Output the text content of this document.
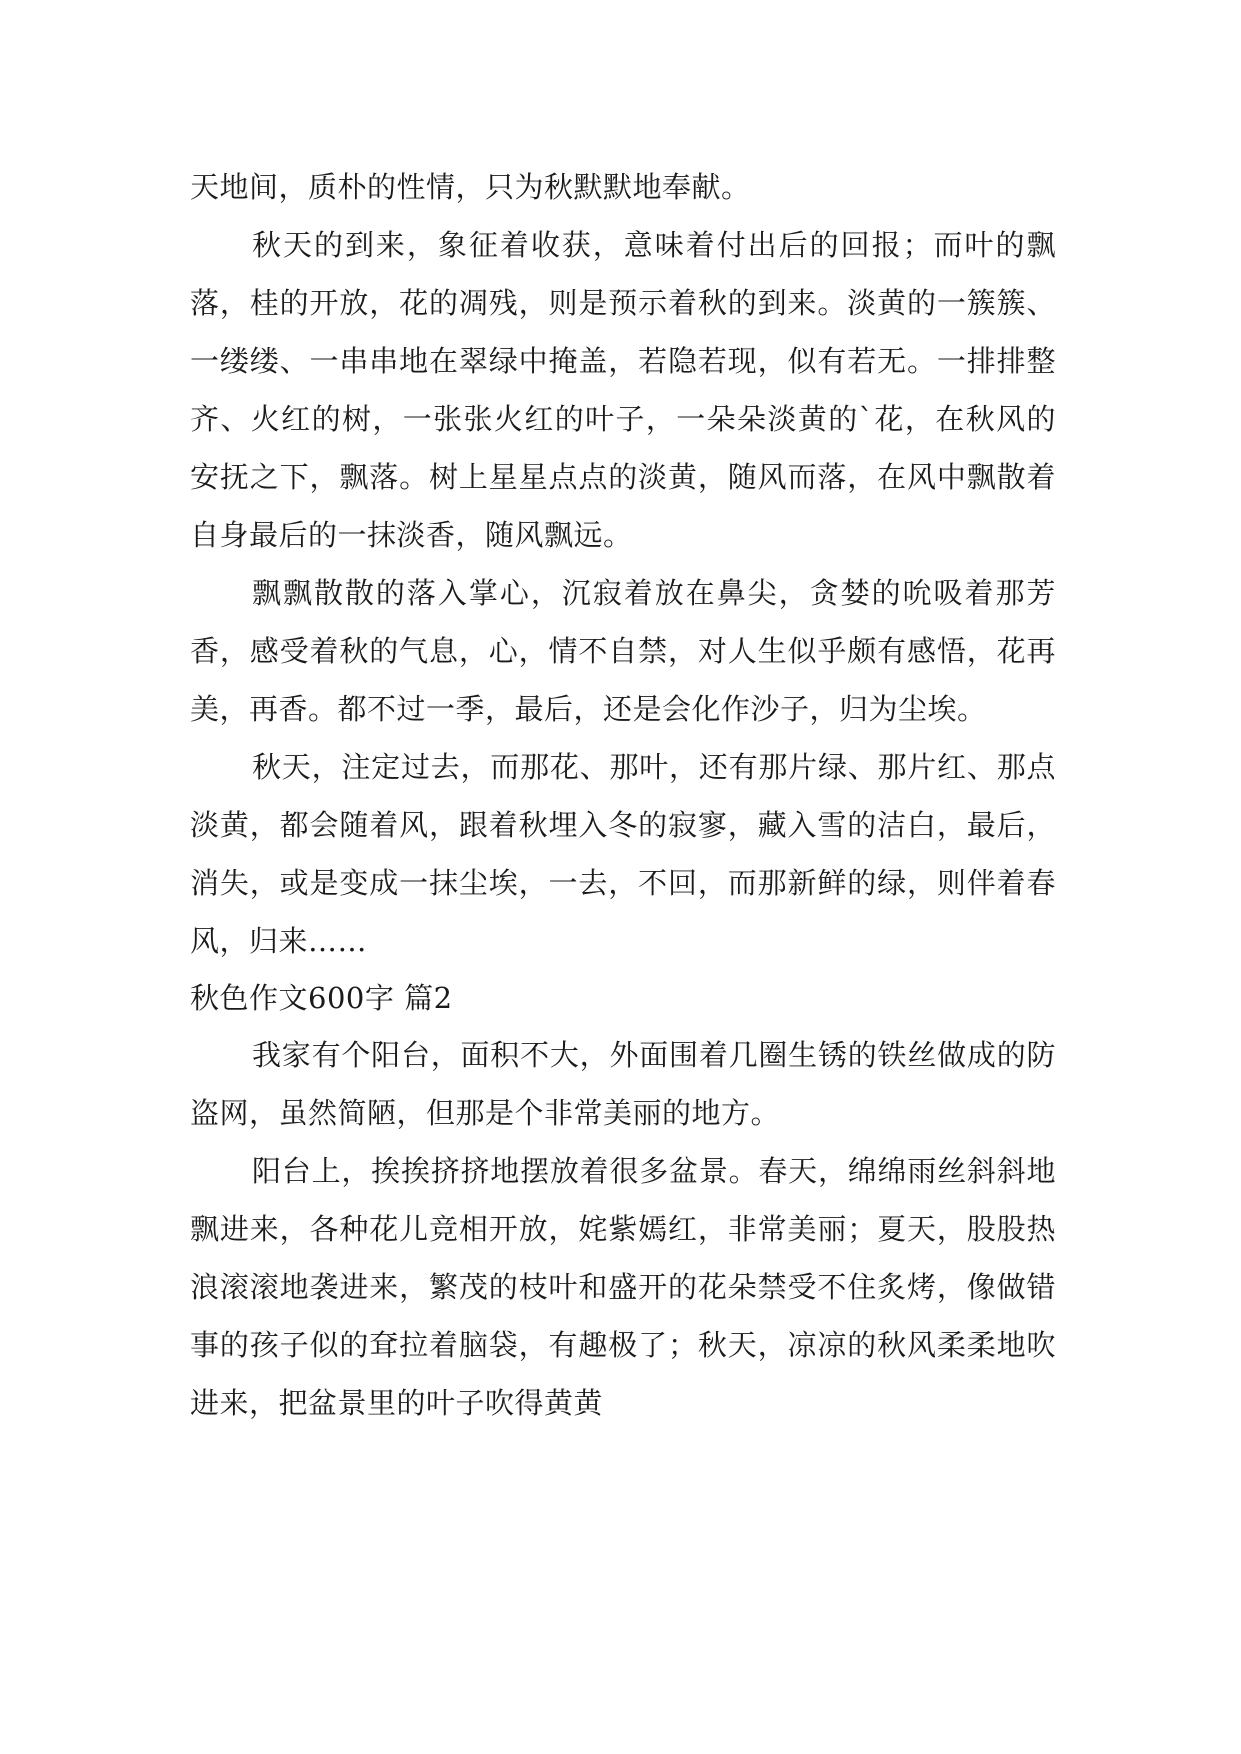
天地间，质朴的性情，只为秋默默地奉献。

秋天的到来，象征着收获，意味着付出后的回报；而叶的飘落，桂的开放，花的凋残，则是预示着秋的到来。淡黄的一簇簇、一缕缕、一串串地在翠绿中掩盖，若隐若现，似有若无。一排排整齐、火红的树，一张张火红的叶子，一朵朵淡黄的`花，在秋风的安抚之下，飘落。树上星星点点的淡黄，随风而落，在风中飘散着自身最后的一抹淡香，随风飘远。

飘飘散散的落入掌心，沉寂着放在鼻尖，贪婪的吮吸着那芳香，感受着秋的气息，心，情不自禁，对人生似乎颇有感悟，花再美，再香。都不过一季，最后，还是会化作沙子，归为尘埃。

秋天，注定过去，而那花、那叶，还有那片绿、那片红、那点淡黄，都会随着风，跟着秋埋入冬的寂寥，藏入雪的洁白，最后，消失，或是变成一抹尘埃，一去，不回，而那新鲜的绿，则伴着春风，归来……

秋色作文600字 篇2

我家有个阳台，面积不大，外面围着几圈生锈的铁丝做成的防盗网，虽然简陋，但那是个非常美丽的地方。

阳台上，挨挨挤挤地摆放着很多盆景。春天，绵绵雨丝斜斜地飘进来，各种花儿竞相开放，姹紫嫣红，非常美丽；夏天，股股热浪滚滚地袭进来，繁茂的枝叶和盛开的花朵禁受不住炙烤，像做错事的孩子似的耷拉着脑袋，有趣极了；秋天，凉凉的秋风柔柔地吹进来，把盆景里的叶子吹得黄黄
